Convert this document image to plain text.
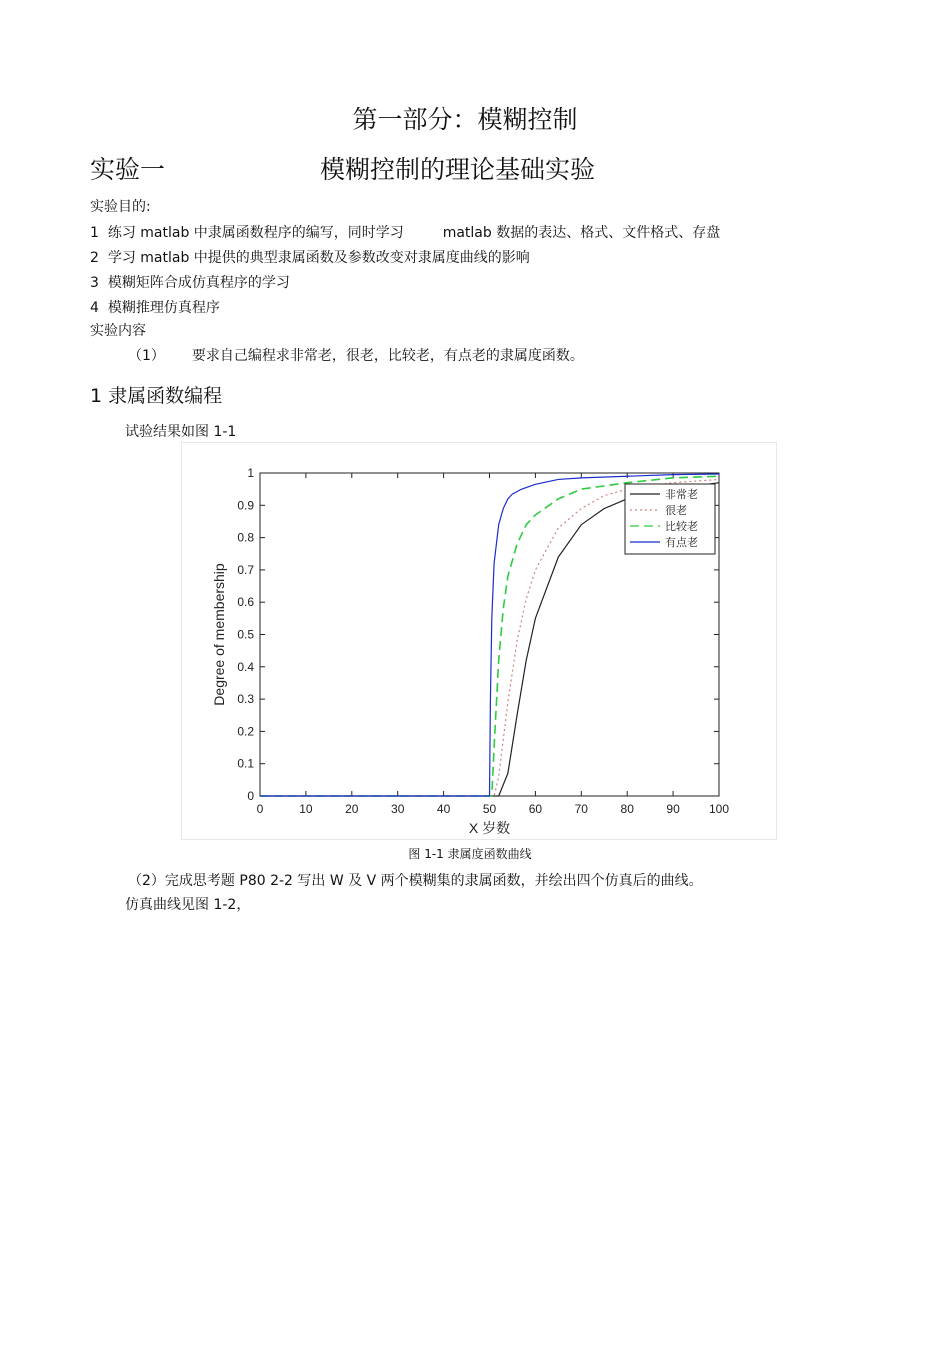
第一部分：模糊控制
实验一	模糊控制的理论基础实验
实验目的:
1 练习 matlab 中隶属函数程序的编写，同时学习	matlab 数据的表达、格式、文件格式、存盘
2 学习 matlab 中提供的典型隶属函数及参数改变对隶属度曲线的影响
3 模糊矩阵合成仿真程序的学习
4 模糊推理仿真程序
实验内容
（1） 要求自己编程求非常老，很老，比较老，有点老的隶属度函数。
1 隶属函数编程
试验结果如图 1-1
0	10	20	30	40	50	60	70	80	90 100
0
0.1
0.2
0.3
0.4
0.5
0.6
0.7
0.8
0.9
1
X 岁数
Degree of membership
非常老
很老
比较老
有点老
图 1-1 隶属度函数曲线
（2）完成思考题 P80 2-2 写出 W 及 V 两个模糊集的隶属函数，并绘出四个仿真后的曲线。
仿真曲线见图 1-2，
